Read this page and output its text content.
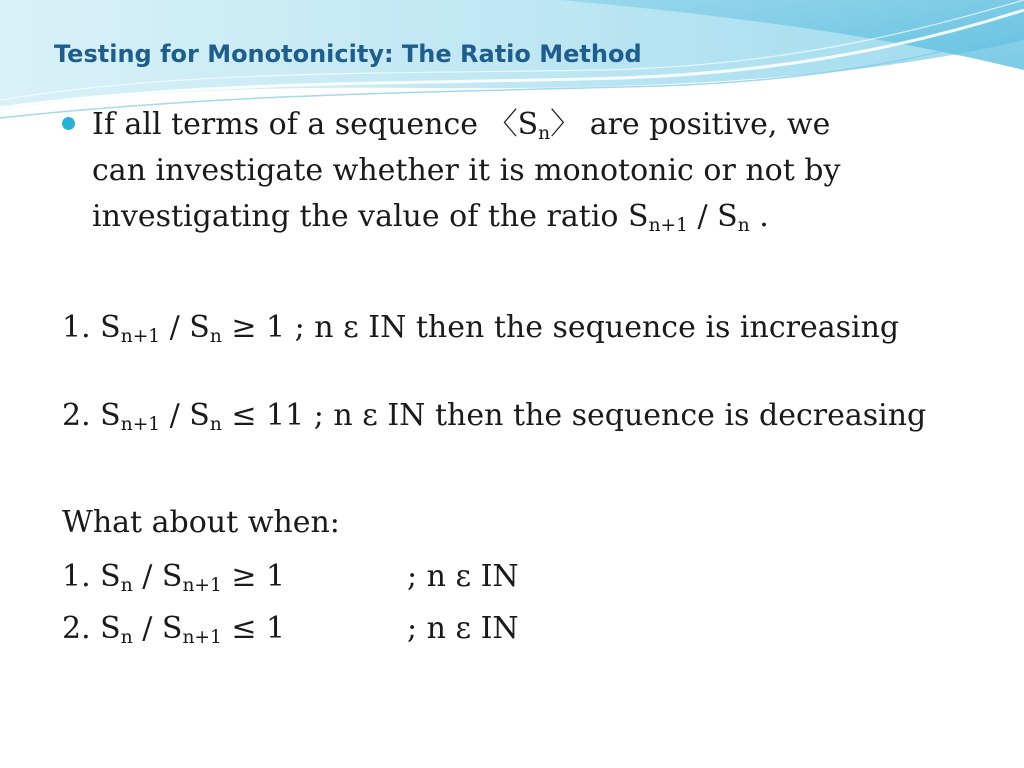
Testing for Monotonicity: The Ratio Method
If all terms of a sequence 〈$S_n$〉 are positive, we
can investigate whether it is monotonic or not by
investigating the value of the ratio $S_{n+1} / S_n$ .
1. $S_{n+1} / S_n \ge 1$ ; n ε IN then the sequence is increasing
2. $S_{n+1} / S_n \le 11$ ; n ε IN then the sequence is decreasing
What about when:
1. $S_n / S_{n+1} \ge 1$	; n ε IN
2. $S_n / S_{n+1} \le 1$	; n ε IN
